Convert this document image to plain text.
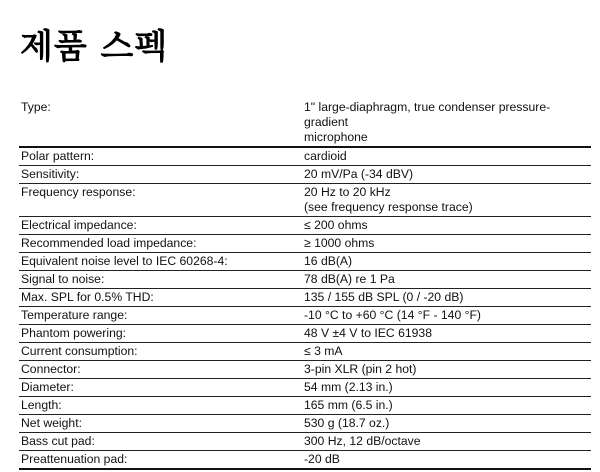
제품 스펙
Type:	1" large-diaphragm, true condenser pressure-gradient
microphone

Polar pattern:	cardioid

Sensitivity:	20 mV/Pa (-34 dBV)

Frequency response:	20 Hz to 20 kHz
(see frequency response trace)

Electrical impedance:	≤ 200 ohms

Recommended load impedance:	≥ 1000 ohms

Equivalent noise level to IEC 60268-4:	16 dB(A)

Signal to noise:	78 dB(A) re 1 Pa

Max. SPL for 0.5% THD:	135 / 155 dB SPL (0 / -20 dB)

Temperature range:	-10 °C to +60 °C (14 °F - 140 °F)

Phantom powering:	48 V ±4 V to IEC 61938

Current consumption:	≤ 3 mA

Connector:	3-pin XLR (pin 2 hot)

Diameter:	54 mm (2.13 in.)

Length:	165 mm (6.5 in.)

Net weight:	530 g (18.7 oz.)

Bass cut pad:	300 Hz, 12 dB/octave

Preattenuation pad:	-20 dB
